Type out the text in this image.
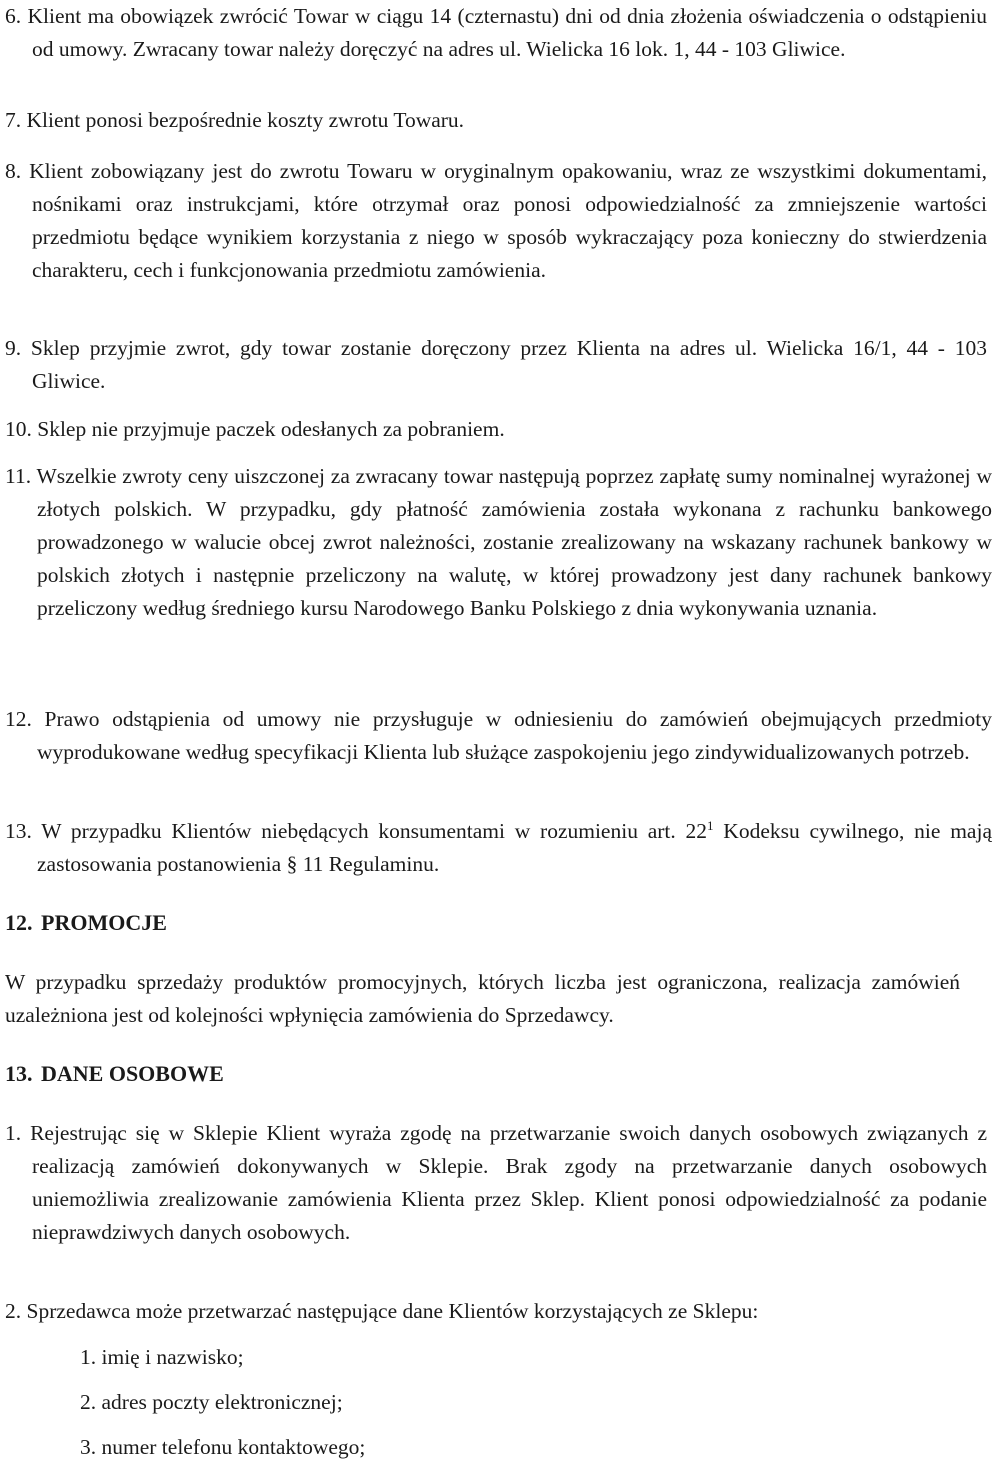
6. Klient ma obowiązek zwrócić Towar w ciągu 14 (czternastu) dni od dnia złożenia oświadczenia o odstąpieniu od umowy. Zwracany towar należy doręczyć na adres ul. Wielicka 16 lok. 1, 44 - 103 Gliwice.

7. Klient ponosi bezpośrednie koszty zwrotu Towaru.

8. Klient zobowiązany jest do zwrotu Towaru w oryginalnym opakowaniu, wraz ze wszystkimi dokumentami, nośnikami oraz instrukcjami, które otrzymał oraz ponosi odpowiedzialność za zmniejszenie wartości przedmiotu będące wynikiem korzystania z niego w sposób wykraczający poza konieczny do stwierdzenia charakteru, cech i funkcjonowania przedmiotu zamówienia.

9. Sklep przyjmie zwrot, gdy towar zostanie doręczony przez Klienta na adres ul. Wielicka 16/1, 44 - 103 Gliwice.

10. Sklep nie przyjmuje paczek odesłanych za pobraniem.

11. Wszelkie zwroty ceny uiszczonej za zwracany towar następują poprzez zapłatę sumy nominalnej wyrażonej w złotych polskich. W przypadku, gdy płatność zamówienia została wykonana z rachunku bankowego prowadzonego w walucie obcej zwrot należności, zostanie zrealizowany na wskazany rachunek bankowy w polskich złotych i następnie przeliczony na walutę, w której prowadzony jest dany rachunek bankowy przeliczony według średniego kursu Narodowego Banku Polskiego z dnia wykonywania uznania.

12. Prawo odstąpienia od umowy nie przysługuje w odniesieniu do zamówień obejmujących przedmioty wyprodukowane według specyfikacji Klienta lub służące zaspokojeniu jego zindywidualizowanych potrzeb.

13. W przypadku Klientów niebędących konsumentami w rozumieniu art. $22^1$ Kodeksu cywilnego, nie mają zastosowania postanowienia § 11 Regulaminu.

12. PROMOCJE

W przypadku sprzedaży produktów promocyjnych, których liczba jest ograniczona, realizacja zamówień uzależniona jest od kolejności wpłynięcia zamówienia do Sprzedawcy.

13. DANE OSOBOWE

1. Rejestrując się w Sklepie Klient wyraża zgodę na przetwarzanie swoich danych osobowych związanych z realizacją zamówień dokonywanych w Sklepie. Brak zgody na przetwarzanie danych osobowych uniemożliwia zrealizowanie zamówienia Klienta przez Sklep. Klient ponosi odpowiedzialność za podanie nieprawdziwych danych osobowych.

2. Sprzedawca może przetwarzać następujące dane Klientów korzystających ze Sklepu:

1. imię i nazwisko;

2. adres poczty elektronicznej;

3. numer telefonu kontaktowego;
